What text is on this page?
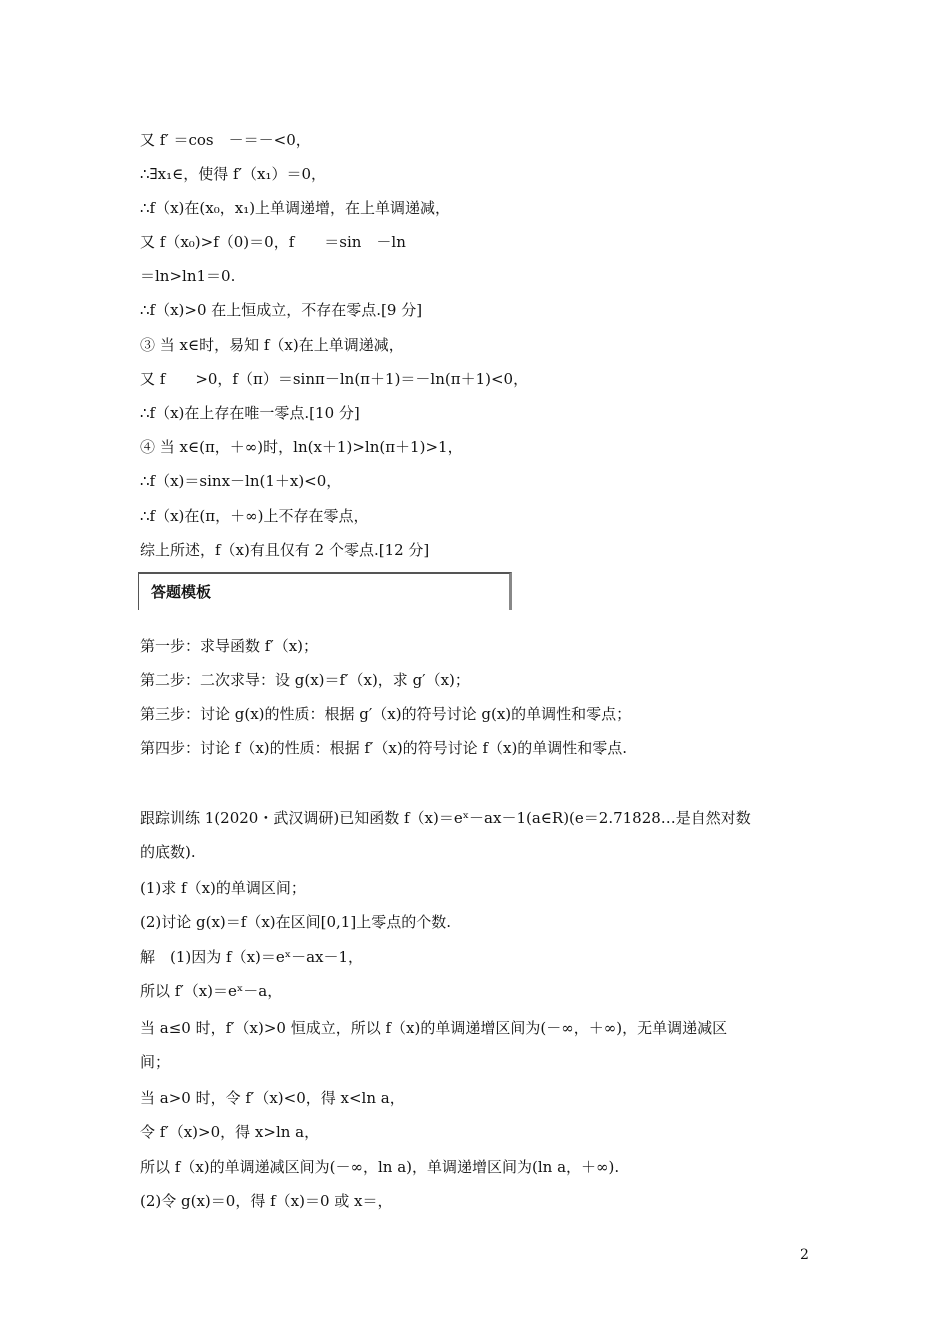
又 f′ ＝cos　－＝－<0，
∴∃x₁∈，使得 f′（x₁）＝0，
∴f（x)在(x₀，x₁)上单调递增，在上单调递减，
又 f（x₀)>f（0)＝0，f　　＝sin　－ln
＝ln>ln1＝0.
∴f（x)>0 在上恒成立，不存在零点.[9 分]
③ 当 x∈时，易知 f（x)在上单调递减，
又 f　　>0，f（π）＝sinπ－ln(π＋1)＝－ln(π＋1)<0，
∴f（x)在上存在唯一零点.[10 分]
④ 当 x∈(π，＋∞)时，ln(x＋1)>ln(π＋1)>1，
∴f（x)＝sinx－ln(1＋x)<0，
∴f（x)在(π，＋∞)上不存在零点，
综上所述，f（x)有且仅有 2 个零点.[12 分]
答题模板
第一步：求导函数 f′（x)；
第二步：二次求导：设 g(x)＝f′（x)，求 g′（x)；
第三步：讨论 g(x)的性质：根据 g′（x)的符号讨论 g(x)的单调性和零点；
第四步：讨论 f（x)的性质：根据 f′（x)的符号讨论 f（x)的单调性和零点.
跟踪训练 1(2020・武汉调研)已知函数 f（x)＝eˣ－ax－1(a∈R)(e＝2.71828…是自然对数
的底数).
(1)求 f（x)的单调区间；
(2)讨论 g(x)＝f（x)在区间[0,1]上零点的个数.
解　(1)因为 f（x)＝eˣ－ax－1，
所以 f′（x)＝eˣ－a，
当 a≤0 时，f′（x)>0 恒成立，所以 f（x)的单调递增区间为(－∞，＋∞)，无单调递减区
间；
当 a>0 时，令 f′（x)<0，得 x<ln a，
令 f′（x)>0，得 x>ln a，
所以 f（x)的单调递减区间为(－∞，ln a)，单调递增区间为(ln a，＋∞).
(2)令 g(x)＝0，得 f（x)＝0 或 x＝，
2
